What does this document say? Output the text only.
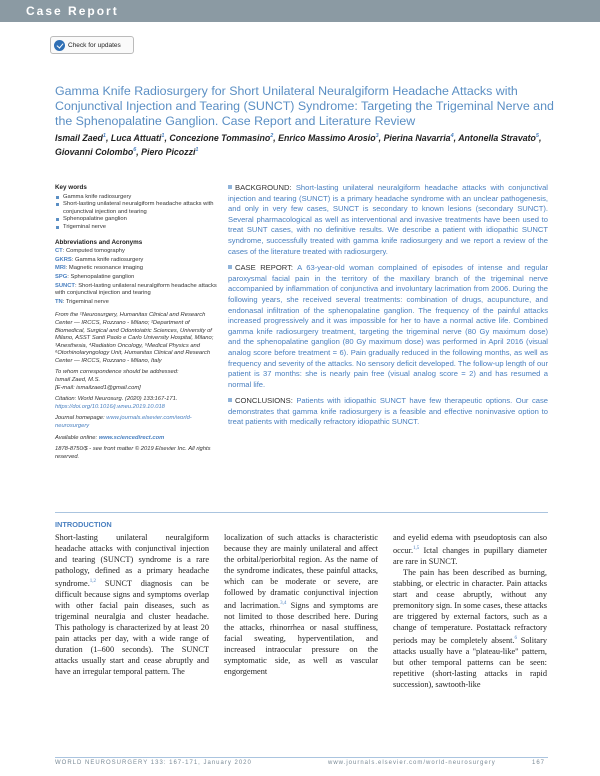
Case Report
Check for updates
Gamma Knife Radiosurgery for Short Unilateral Neuralgiform Headache Attacks with Conjunctival Injection and Tearing (SUNCT) Syndrome: Targeting the Trigeminal Nerve and the Sphenopalatine Ganglion. Case Report and Literature Review
Ismail Zaed$^1$, Luca Attuati$^1$, Concezione Tommasino$^2$, Enrico Massimo Arosio$^3$, Pierina Navarria$^4$, Antonella Stravato$^5$, Giovanni Colombo$^6$, Piero Picozzi$^1$
Key words
Gamma knife radiosurgery
Short-lasting unilateral neuralgiform headache attacks with conjunctival injection and tearing
Sphenopalatine ganglion
Trigeminal nerve
Abbreviations and Acronyms
CT: Computed tomography
GKRS: Gamma knife radiosurgery
MRI: Magnetic resonance imaging
SPG: Sphenopalatine ganglion
SUNCT: Short-lasting unilateral neuralgiform headache attacks with conjunctival injection and tearing
TN: Trigeminal nerve

From the ¹Neurosurgery, Humanitas Clinical and Research Center — IRCCS, Rozzano - Milano; ²Department of Biomedical, Surgical and Odontoiatric Sciences, University of Milano, ASST Santi Paolo e Carlo University Hospital, Milano; ³Anesthesia, ⁴Radiation Oncology, ⁵Medical Physics and ⁶Otorhinolaryngology Unit, Humanitas Clinical and Research Center — IRCCS, Rozzano - Milano, Italy

To whom correspondence should be addressed:
Ismail Zaed, M.S.
[E-mail: ismailzaed1@gmail.com]

Citation: World Neurosurg. (2020) 133:167-171.
https://doi.org/10.1016/j.wneu.2019.10.018

Journal homepage: www.journals.elsevier.com/world-neurosurgery

Available online: www.sciencedirect.com

1878-8750/$ - see front matter © 2019 Elsevier Inc. All rights reserved.

BACKGROUND: Short-lasting unilateral neuralgiform headache attacks with conjunctival injection and tearing (SUNCT) is a primary headache syndrome with an unclear pathogenesis, and only in very few cases, SUNCT is secondary to known lesions (secondary SUNCT). Several pharmacological as well as interventional and invasive treatments have been used to treat SUNT cases, with no definitive results. We describe a patient with idiopathic SUNCT syndrome, successfully treated with gamma knife radiosurgery and we report a review of the cases of the literature treated with radiosurgery.

CASE REPORT: A 63-year-old woman complained of episodes of intense and regular paroxysmal facial pain in the territory of the maxillary branch of the trigeminal nerve accompanied by inflammation of conjunctiva and involuntary lacrimation from 2006. During the following years, she received several treatments: combination of drugs, acupuncture, and endonasal infiltration of the sphenopalatine ganglion. The frequency of the painful attacks increased progressively and it was impossible for her to have a normal active life. Combined gamma knife radiosurgery treatment, targeting the trigeminal nerve (80 Gy maximum dose) and the sphenopalatine ganglion (80 Gy maximum dose) was performed in April 2016 (visual analog score before treatment = 6). Pain gradually reduced in the following months, as well as frequency and severity of the attacks. No sensory deficit developed. The follow-up length of our patient is 37 months: she is nearly pain free (visual analog score = 2) and has resumed a normal life.

CONCLUSIONS: Patients with idiopathic SUNCT have few therapeutic options. Our case demonstrates that gamma knife radiosurgery is a feasible and effective noninvasive option to treat patients with medically refractory idiopathic SUNCT.

INTRODUCTION

Short-lasting unilateral neuralgiform headache attacks with conjunctival injection and tearing (SUNCT) syndrome is a rare pathology, defined as a primary headache syndrome.$^{1,2}$ SUNCT diagnosis can be difficult because signs and symptoms overlap with other facial pain diseases, such as trigeminal neuralgia and cluster headache. This pathology is characterized by at least 20 pain attacks per day, with a wide range of duration (1–600 seconds). The SUNCT attacks usually start and cease abruptly and have an irregular temporal pattern. The

localization of such attacks is characteristic because they are mainly unilateral and affect the orbital/periorbital region. As the name of the syndrome indicates, these painful attacks, which can be moderate or severe, are followed by dramatic conjunctival injection and lacrimation.$^{3,4}$ Signs and symptoms are not limited to those described here. During the attacks, rhinorrhea or nasal stuffiness, facial sweating, hyperventilation, and increased intraocular pressure on the symptomatic side, as well as vascular engorgement

and eyelid edema with pseudoptosis can also occur.$^{1,5}$ Ictal changes in pupillary diameter are rare in SUNCT.

The pain has been described as burning, stabbing, or electric in character. Pain attacks start and cease abruptly, without any premonitory sign. In some cases, these attacks are triggered by external factors, such as a change of temperature. Postattack refractory periods may be completely absent.$^6$ Solitary attacks usually have a "plateau-like" pattern, but other temporal patterns can be seen: repetitive (short-lasting attacks in rapid succession), sawtooth-like

WORLD NEUROSURGERY 133: 167-171, January 2020	www.journals.elsevier.com/world-neurosurgery	167
